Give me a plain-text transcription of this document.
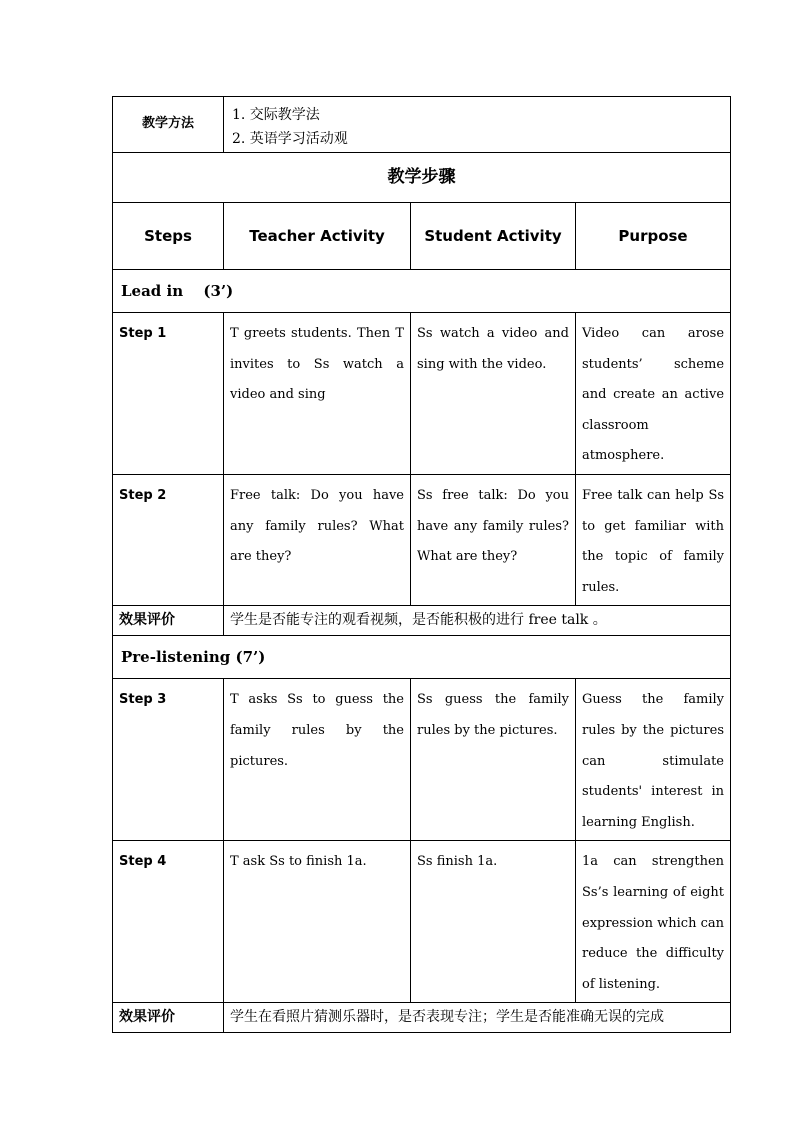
教学方法	1. 交际教学法
2. 英语学习活动观		

教学步骤			
Steps	Teacher Activity	Student Activity	Purpose
Lead in　 (3’)			
Step 1	T greets students. Then T invites to Ss watch a video and sing	Ss watch a video and sing with the video.	Video can arose students’ scheme and create an active classroom atmosphere.
Step 2	Free talk: Do you have any family rules? What are they?	Ss free talk: Do you have any family rules? What are they?	Free talk can help Ss to get familiar with the topic of family rules.
效果评价	学生是否能专注的观看视频，是否能积极的进行 free talk 。		
Pre-listening (7’)			
Step 3	T asks Ss to guess the family rules by the pictures.	Ss guess the family rules by the pictures.	Guess the family rules by the pictures can stimulate students' interest in learning English.
Step 4	T ask Ss to finish 1a.	Ss finish 1a.	1a can strengthen Ss’s learning of eight expression which can reduce the difficulty of listening.
效果评价	学生在看照片猜测乐器时，是否表现专注；学生是否能准确无误的完成		
